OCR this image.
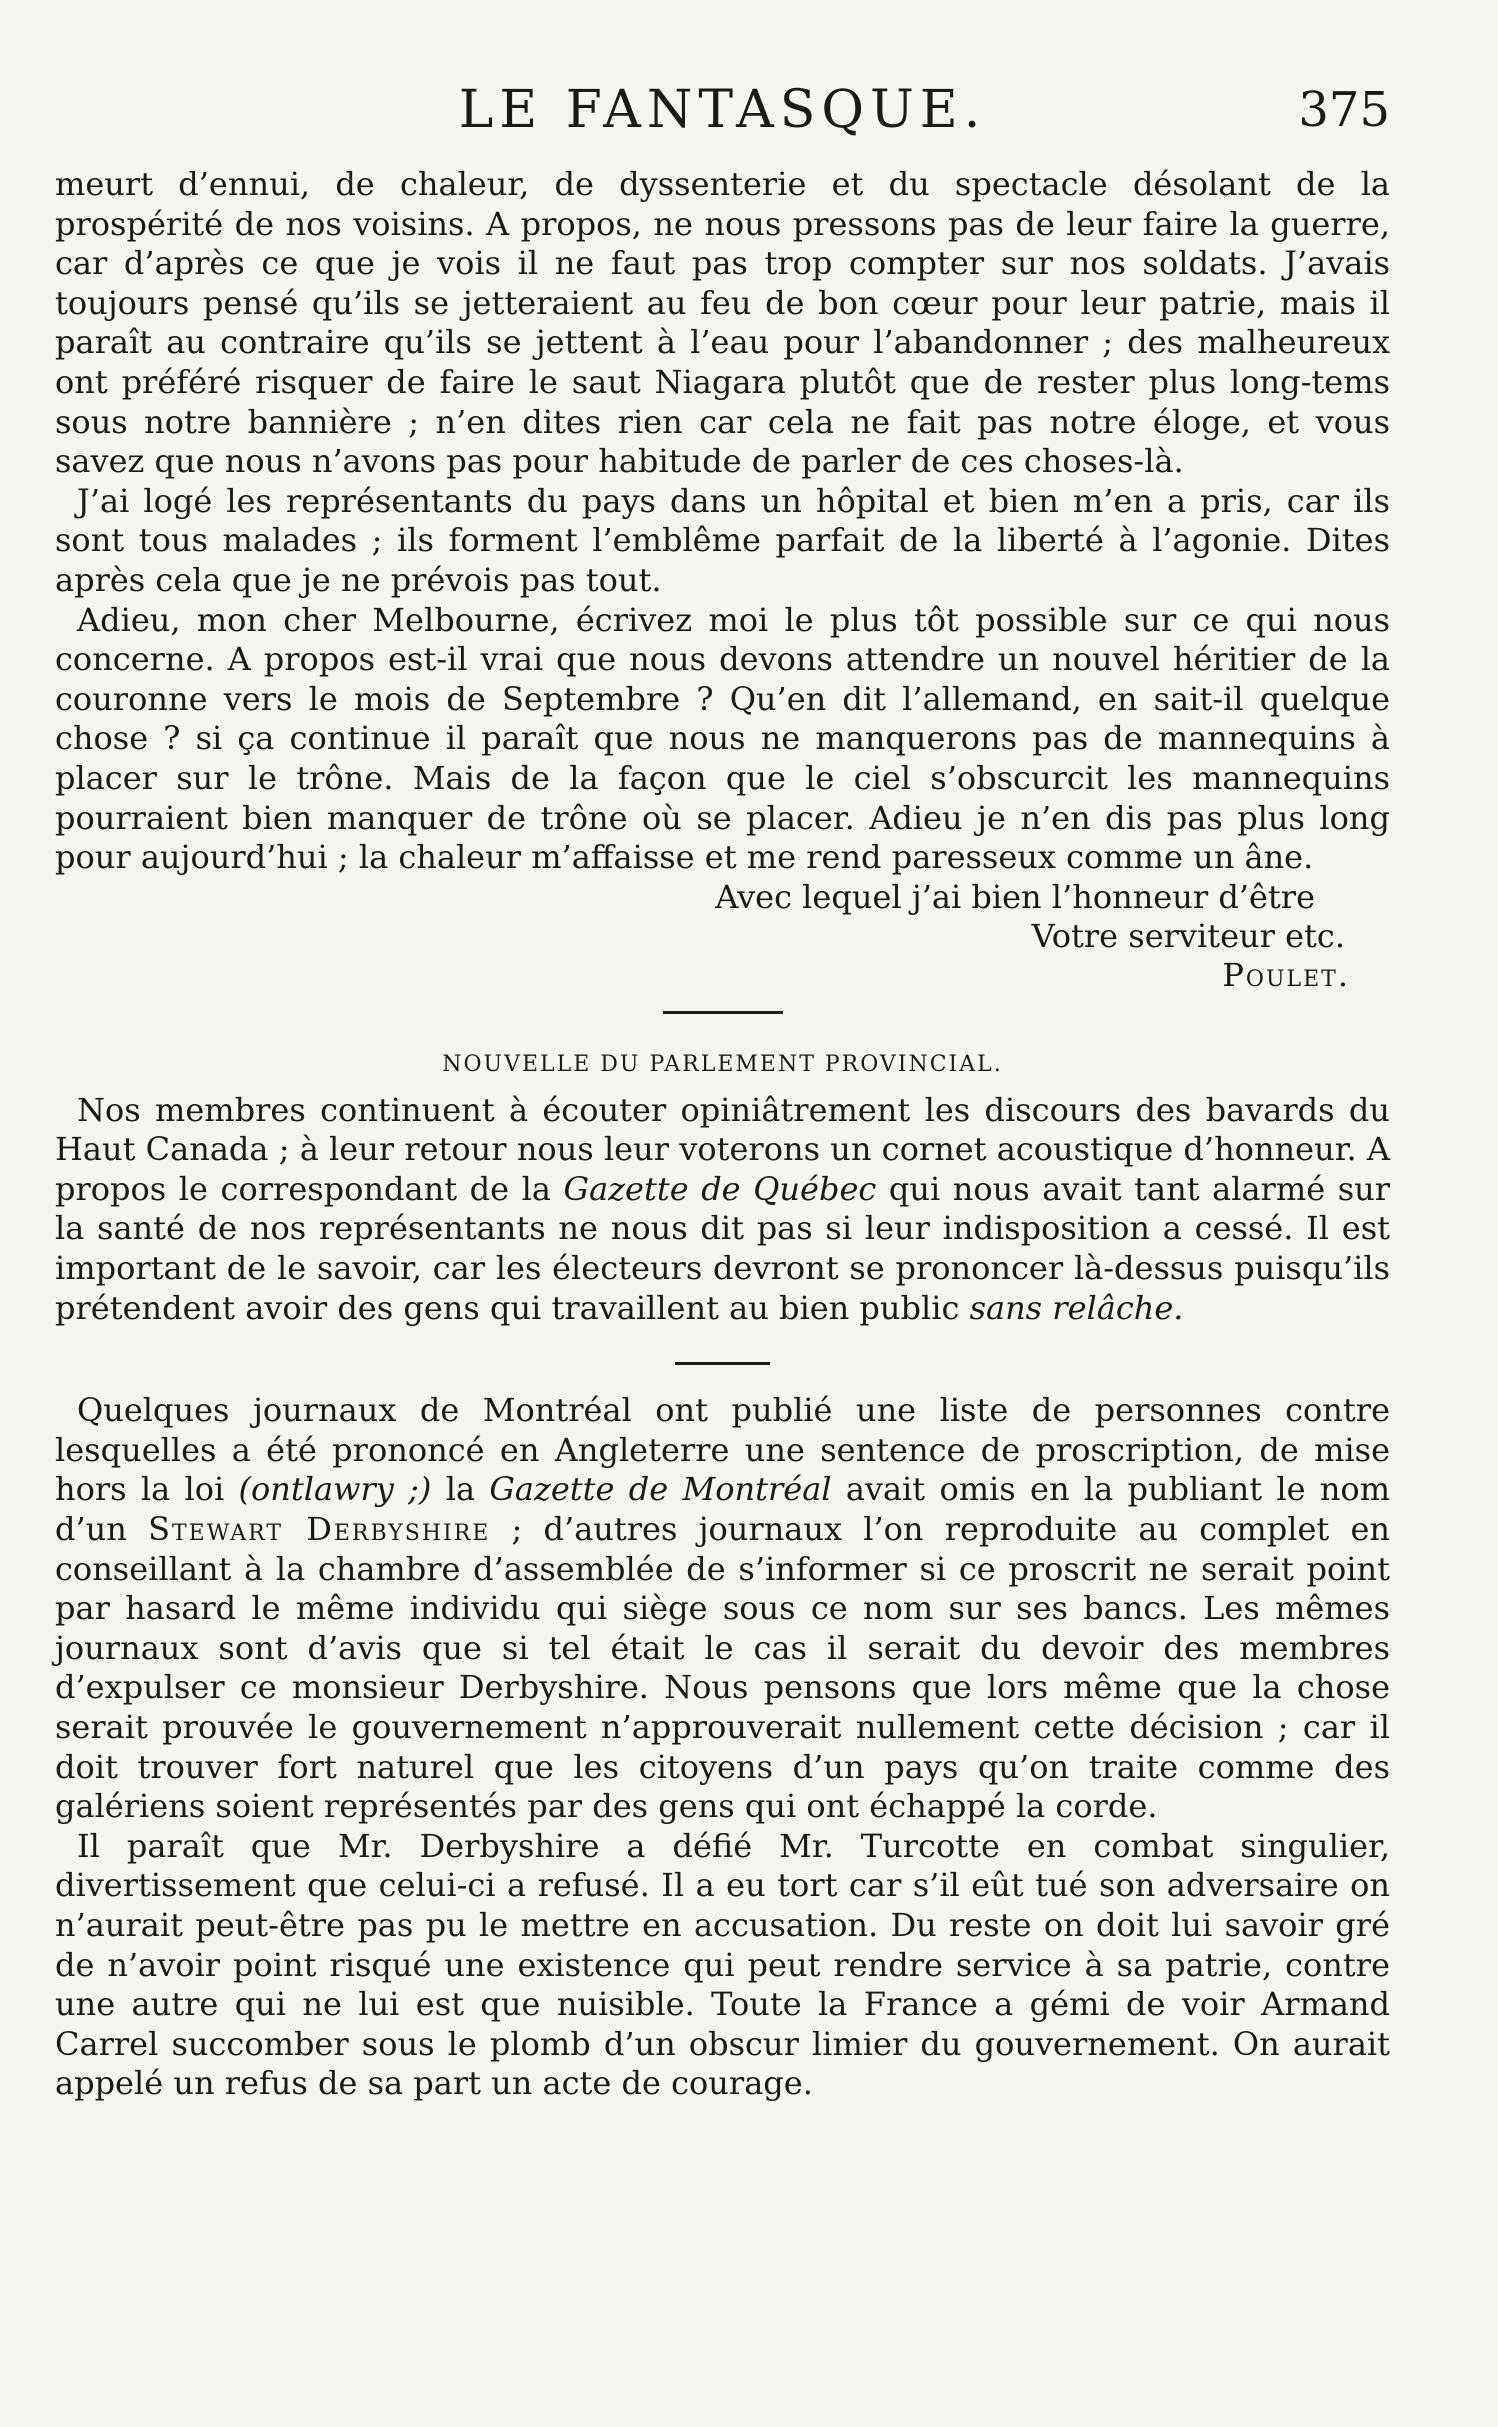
LE FANTASQUE.	375

meurt d’ennui, de chaleur, de dyssenterie et du spectacle désolant de la prospérité de nos voisins. A propos, ne nous pressons pas de leur faire la guerre, car d’après ce que je vois il ne faut pas trop compter sur nos soldats. J’avais toujours pensé qu’ils se jetteraient au feu de bon cœur pour leur patrie, mais il paraît au contraire qu’ils se jettent à l’eau pour l’abandonner ; des malheureux ont préféré risquer de faire le saut Niagara plutôt que de rester plus long-tems sous notre bannière ; n’en dites rien car cela ne fait pas notre éloge, et vous savez que nous n’avons pas pour habitude de parler de ces choses-là.

J’ai logé les représentants du pays dans un hôpital et bien m’en a pris, car ils sont tous malades ; ils forment l’emblême parfait de la liberté à l’agonie. Dites après cela que je ne prévois pas tout.

Adieu, mon cher Melbourne, écrivez moi le plus tôt possible sur ce qui nous concerne. A propos est-il vrai que nous devons attendre un nouvel héritier de la couronne vers le mois de Septembre ? Qu’en dit l’allemand, en sait-il quelque chose ? si ça continue il paraît que nous ne manquerons pas de mannequins à placer sur le trône. Mais de la façon que le ciel s’obscurcit les mannequins pourraient bien manquer de trône où se placer. Adieu je n’en dis pas plus long pour aujourd’hui ; la chaleur m’affaisse et me rend paresseux comme un âne.

Avec lequel j’ai bien l’honneur d’être
Votre serviteur etc.
Poulet.
NOUVELLE DU PARLEMENT PROVINCIAL.

Nos membres continuent à écouter opiniâtrement les discours des bavards du Haut Canada ; à leur retour nous leur voterons un cornet acoustique d’honneur. A propos le correspondant de la Gazette de Québec qui nous avait tant alarmé sur la santé de nos représentants ne nous dit pas si leur indisposition a cessé. Il est important de le savoir, car les électeurs devront se prononcer là-dessus puisqu’ils prétendent avoir des gens qui travaillent au bien public sans relâche.

Quelques journaux de Montréal ont publié une liste de personnes contre lesquelles a été prononcé en Angleterre une sentence de proscription, de mise hors la loi (ontlawry ;) la Gazette de Montréal avait omis en la publiant le nom d’un Stewart Derbyshire ; d’autres journaux l’on reproduite au complet en conseillant à la chambre d’assemblée de s’informer si ce proscrit ne serait point par hasard le même individu qui siège sous ce nom sur ses bancs. Les mêmes journaux sont d’avis que si tel était le cas il serait du devoir des membres d’expulser ce monsieur Derbyshire. Nous pensons que lors même que la chose serait prouvée le gouvernement n’approuverait nullement cette décision ; car il doit trouver fort naturel que les citoyens d’un pays qu’on traite comme des galériens soient représentés par des gens qui ont échappé la corde.

Il paraît que Mr. Derbyshire a défié Mr. Turcotte en combat singulier, divertissement que celui-ci a refusé. Il a eu tort car s’il eût tué son adversaire on n’aurait peut-être pas pu le mettre en accusation. Du reste on doit lui savoir gré de n’avoir point risqué une existence qui peut rendre service à sa patrie, contre une autre qui ne lui est que nuisible. Toute la France a gémi de voir Armand Carrel succomber sous le plomb d’un obscur limier du gouvernement. On aurait appelé un refus de sa part un acte de courage.
